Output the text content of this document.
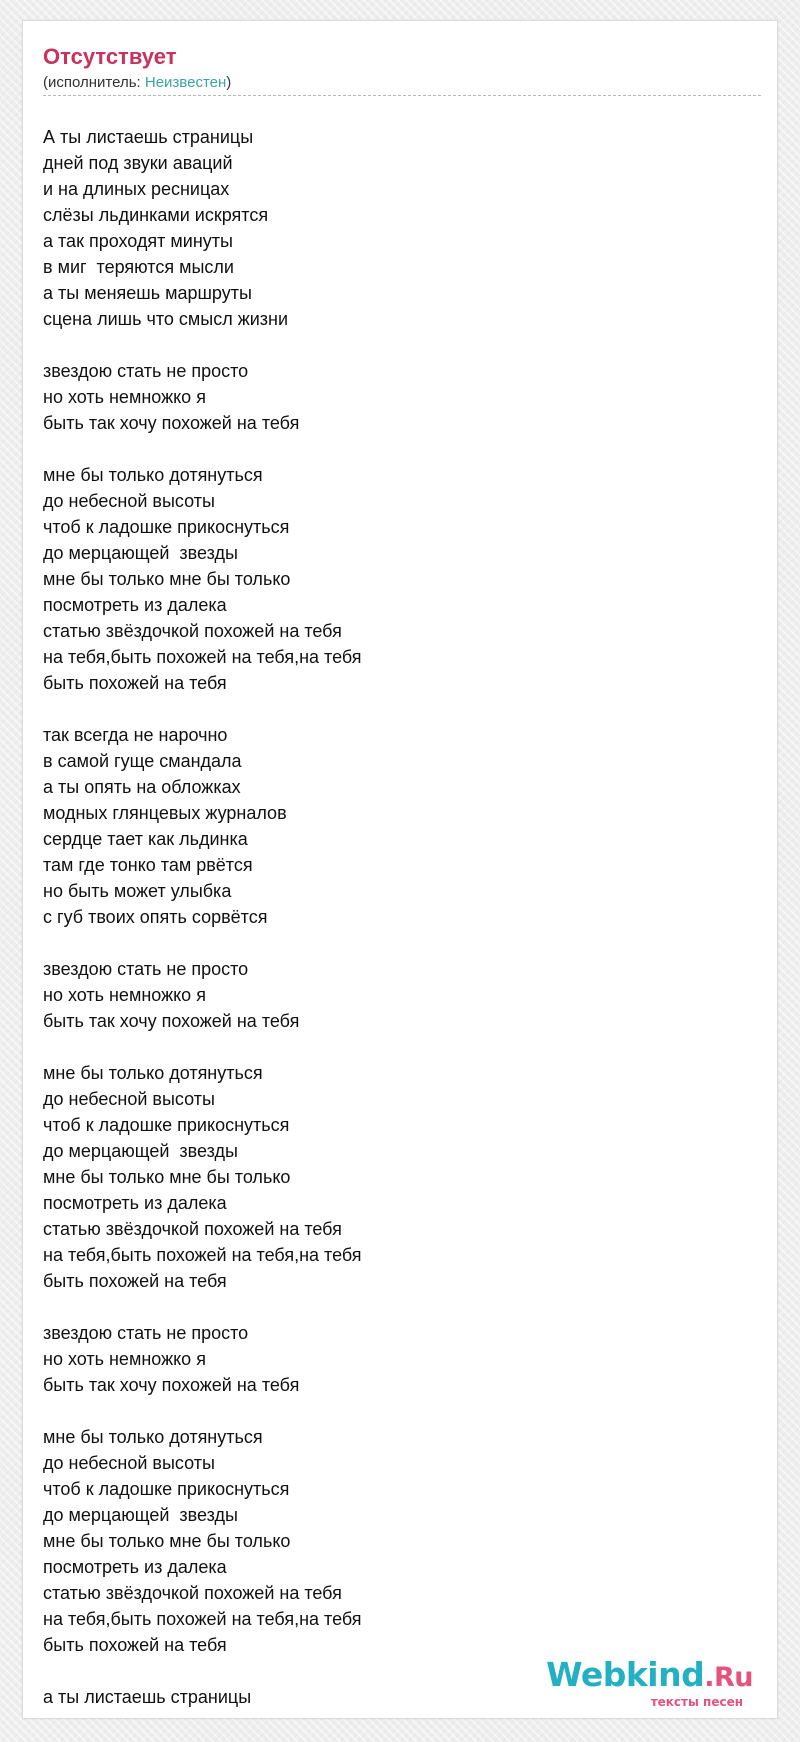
Отсутствует
(исполнитель: Неизвестен)
А ты листаешь страницы
дней под звуки аваций
и на длиных ресницах
слёзы льдинками искрятся
а так проходят минуты
в миг  теряются мысли
а ты меняешь маршруты
сцена лишь что смысл жизни
звездою стать не просто
но хоть немножко я
быть так хочу похожей на тебя
мне бы только дотянуться
до небесной высоты
чтоб к ладошке прикоснуться
до мерцающей  звезды
мне бы только мне бы только
посмотреть из далека
статью звёздочкой похожей на тебя
на тебя,быть похожей на тебя,на тебя
быть похожей на тебя
так всегда не нарочно
в самой гуще смандала
а ты опять на обложках
модных глянцевых журналов
сердце тает как льдинка
там где тонко там рвётся
но быть может улыбка
с губ твоих опять сорвётся
звездою стать не просто
но хоть немножко я
быть так хочу похожей на тебя
мне бы только дотянуться
до небесной высоты
чтоб к ладошке прикоснуться
до мерцающей  звезды
мне бы только мне бы только
посмотреть из далека
статью звёздочкой похожей на тебя
на тебя,быть похожей на тебя,на тебя
быть похожей на тебя
звездою стать не просто
но хоть немножко я
быть так хочу похожей на тебя
мне бы только дотянуться
до небесной высоты
чтоб к ладошке прикоснуться
до мерцающей  звезды
мне бы только мне бы только
посмотреть из далека
статью звёздочкой похожей на тебя
на тебя,быть похожей на тебя,на тебя
быть похожей на тебя
а ты листаешь страницы
Webkind.Ru
тексты песен
